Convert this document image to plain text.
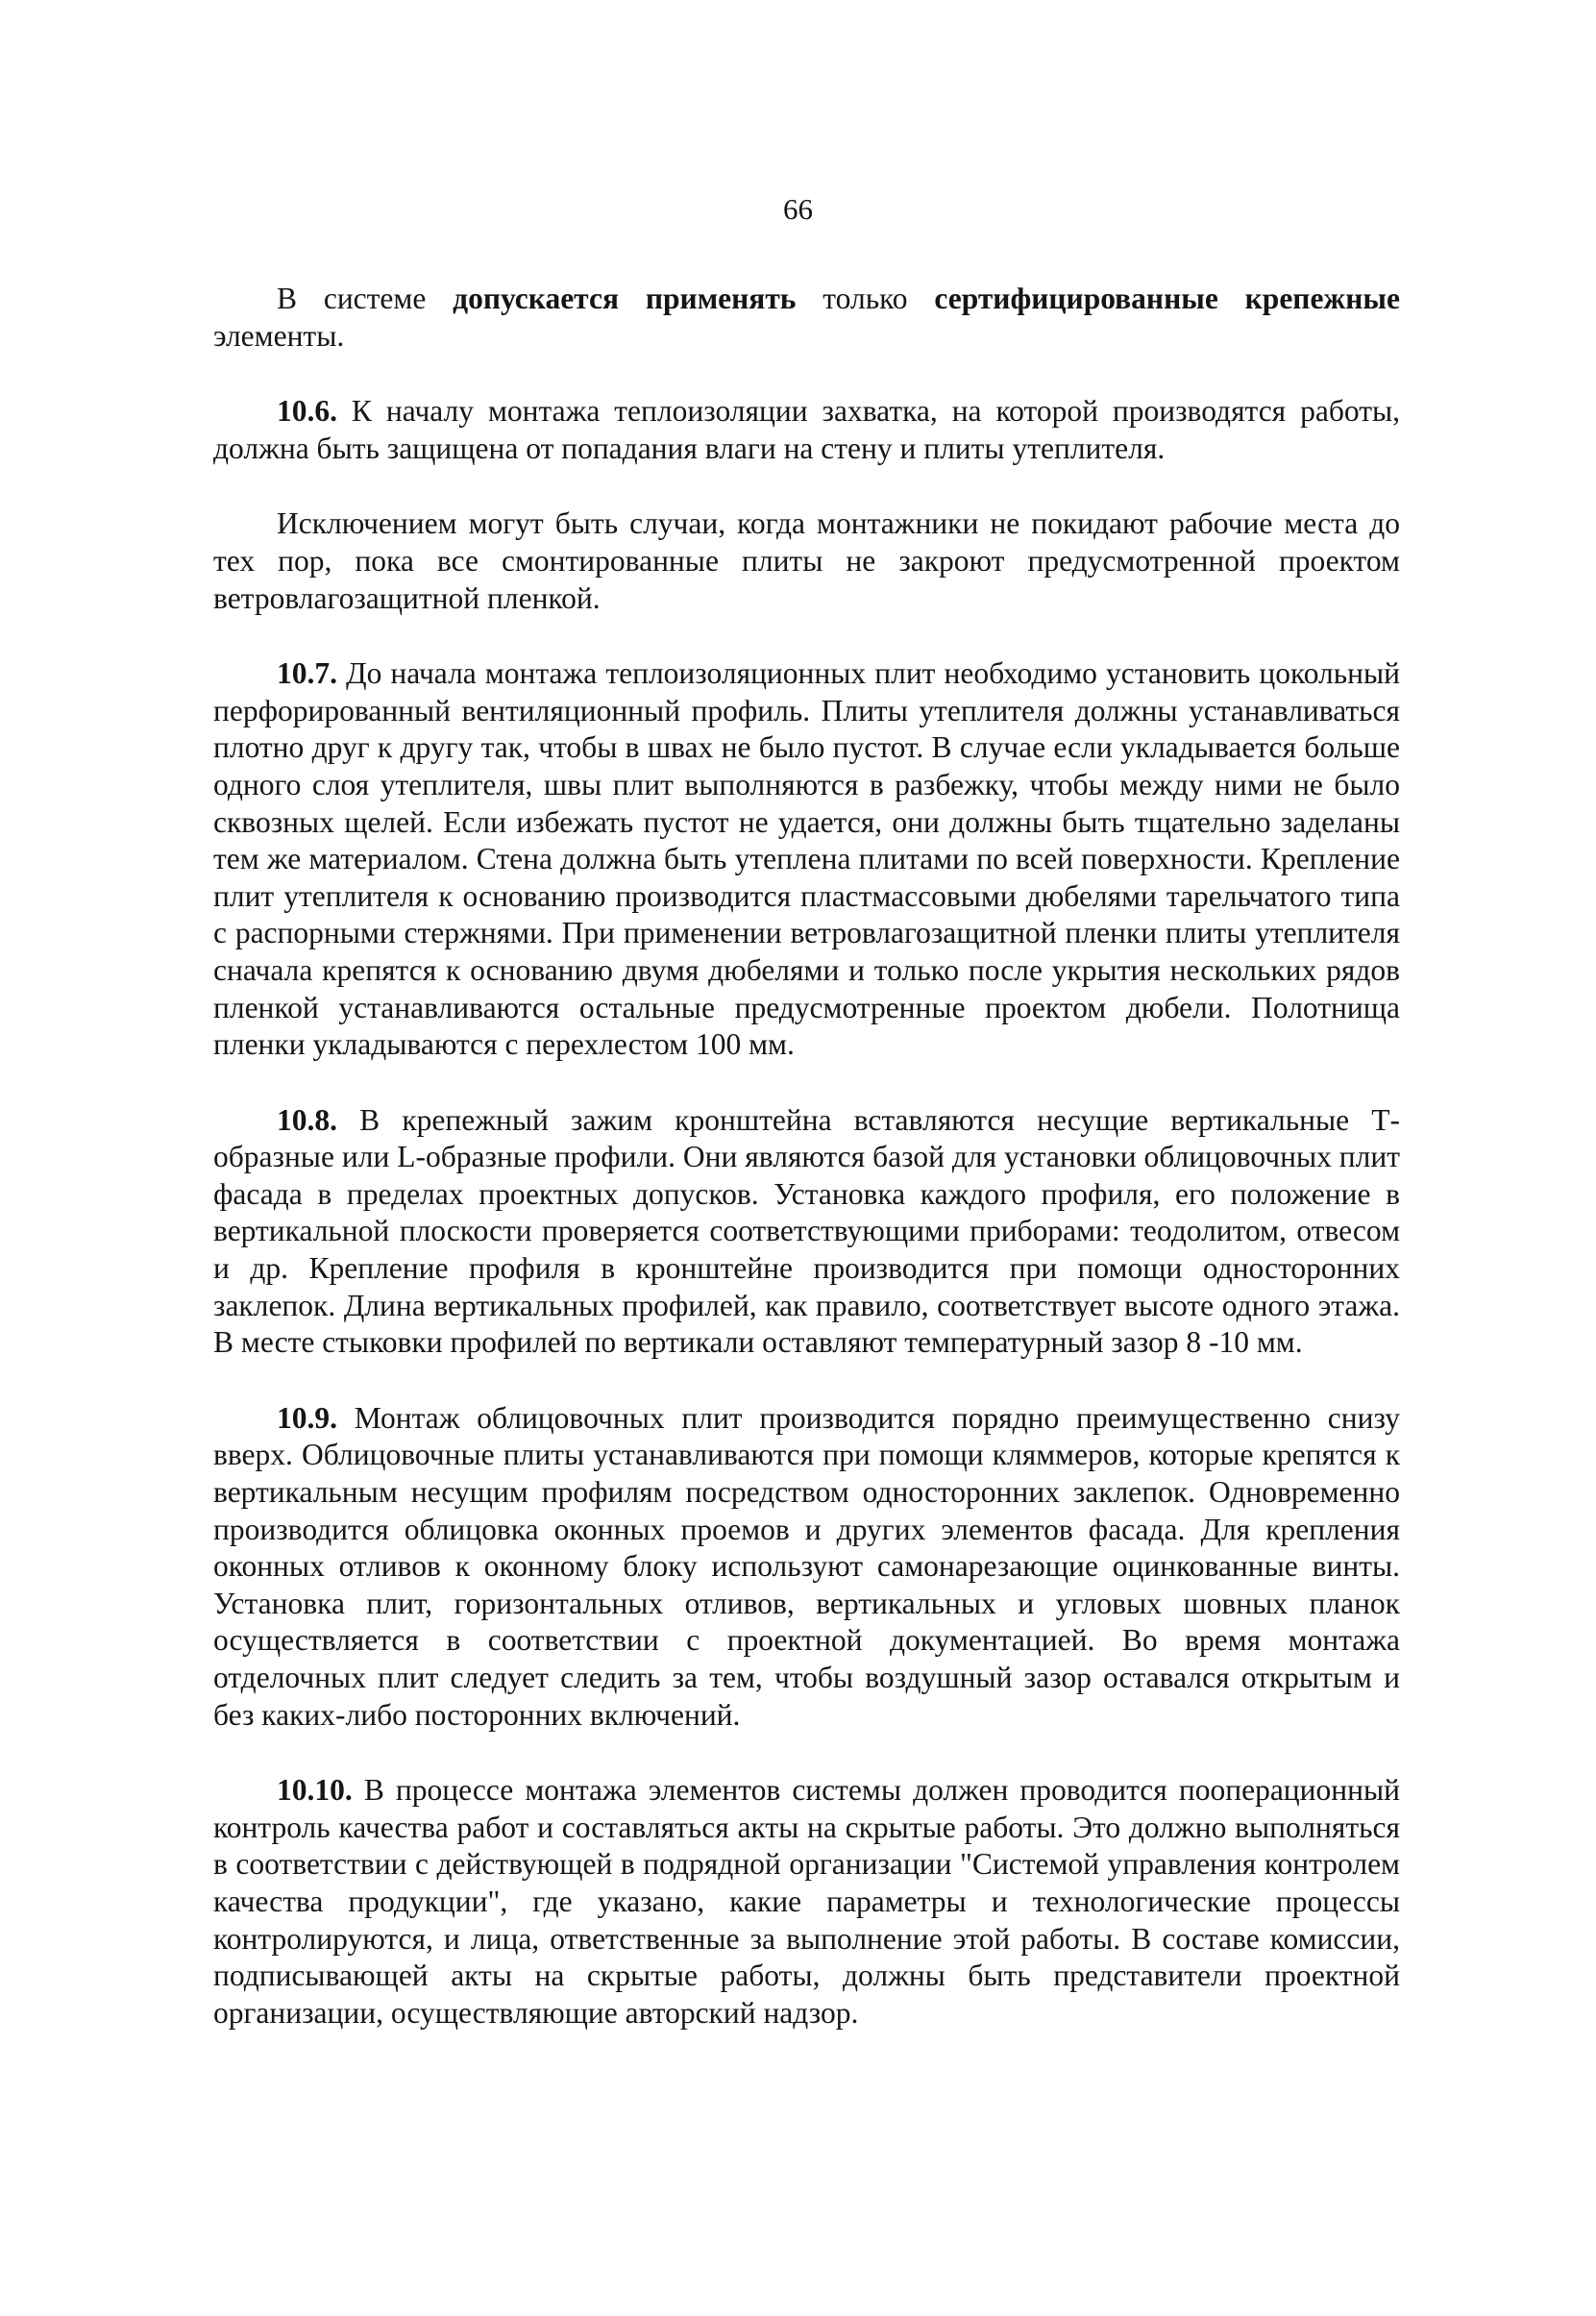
66

В системе допускается применять только сертифицированные крепежные элементы.

10.6. К началу монтажа теплоизоляции захватка, на которой производятся работы, должна быть защищена от попадания влаги на стену и плиты утеплителя.

Исключением могут быть случаи, когда монтажники не покидают рабочие места до тех пор, пока все смонтированные плиты не закроют предусмотренной проектом ветровлагозащитной пленкой.

10.7. До начала монтажа теплоизоляционных плит необходимо установить цокольный перфорированный вентиляционный профиль. Плиты утеплителя должны устанавливаться плотно друг к другу так, чтобы в швах не было пустот. В случае если укладывается больше одного слоя утеплителя, швы плит выполняются в разбежку, чтобы между ними не было сквозных щелей. Если избежать пустот не удается, они должны быть тщательно заделаны тем же материалом. Стена должна быть утеплена плитами по всей поверхности. Крепление плит утеплителя к основанию производится пластмассовыми дюбелями тарельчатого типа с распорными стержнями. При применении ветровлагозащитной пленки плиты утеплителя сначала крепятся к основанию двумя дюбелями и только после укрытия нескольких рядов пленкой устанавливаются остальные предусмотренные проектом дюбели. Полотнища пленки укладываются с перехлестом 100 мм.

10.8. В крепежный зажим кронштейна вставляются несущие вертикальные Т-образные или L-образные профили. Они являются базой для установки облицовочных плит фасада в пределах проектных допусков. Установка каждого профиля, его положение в вертикальной плоскости проверяется соответствующими приборами: теодолитом, отвесом и др. Крепление профиля в кронштейне производится при помощи односторонних заклепок. Длина вертикальных профилей, как правило, соответствует высоте одного этажа. В месте стыковки профилей по вертикали оставляют температурный зазор 8 -10 мм.

10.9. Монтаж облицовочных плит производится порядно преимущественно снизу вверх. Облицовочные плиты устанавливаются при помощи кляммеров, которые крепятся к вертикальным несущим профилям посредством односторонних заклепок. Одновременно производится облицовка оконных проемов и других элементов фасада. Для крепления оконных отливов к оконному блоку используют самонарезающие оцинкованные винты. Установка плит, горизонтальных отливов, вертикальных и угловых шовных планок осуществляется в соответствии с проектной документацией. Во время монтажа отделочных плит следует следить за тем, чтобы воздушный зазор оставался открытым и без каких-либо посторонних включений.

10.10. В процессе монтажа элементов системы должен проводится пооперационный контроль качества работ и составляться акты на скрытые работы. Это должно выполняться в соответствии с действующей в подрядной организации "Системой управления контролем качества продукции", где указано, какие параметры и технологические процессы контролируются, и лица, ответственные за выполнение этой работы. В составе комиссии, подписывающей акты на скрытые работы, должны быть представители проектной организации, осуществляющие авторский надзор.
